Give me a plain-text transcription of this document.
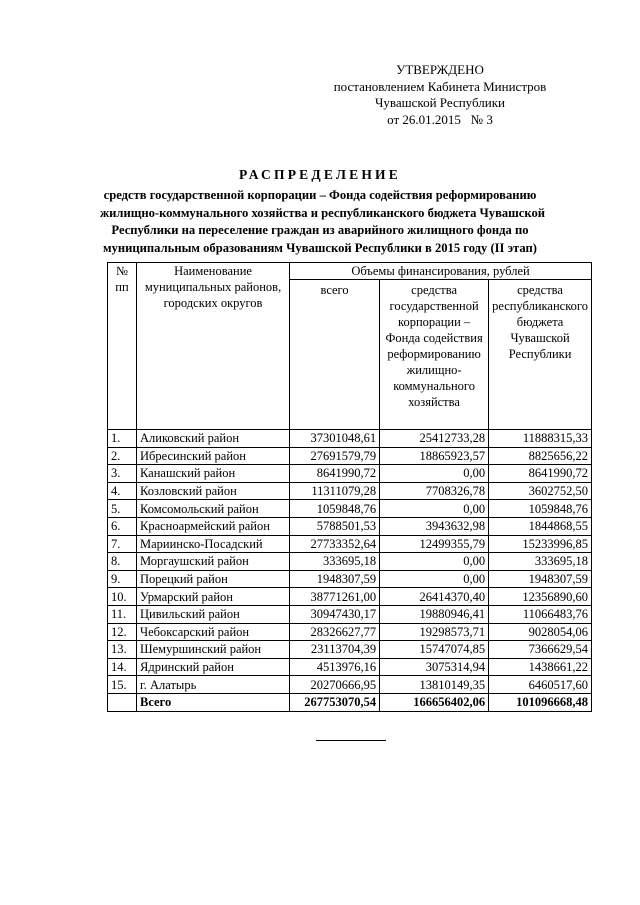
УТВЕРЖДЕНО
постановлением Кабинета Министров
Чувашской Республики
от 26.01.2015   № 3
РАСПРЕДЕЛЕНИЕ
средств государственной корпорации – Фонда содействия реформированию
жилищно-коммунального хозяйства и республиканского бюджета Чувашской
Республики на переселение граждан из аварийного жилищного фонда по
муниципальным образованиям Чувашской Республики в 2015 году (II этап)
№ пп	Наименование муниципальных районов, городских округов	Объемы финансирования, рублей		
		всего	средства государственной корпорации – Фонда содействия реформированию жилищно-коммунального хозяйства	средства республиканского бюджета Чувашской Республики
1.	Аликовский район	37301048,61	25412733,28	11888315,33
2.	Ибресинский район	27691579,79	18865923,57	8825656,22
3.	Канашский район	8641990,72	0,00	8641990,72
4.	Козловский район	11311079,28	7708326,78	3602752,50
5.	Комсомольский район	1059848,76	0,00	1059848,76
6.	Красноармейский район	5788501,53	3943632,98	1844868,55
7.	Мариинско-Посадский	27733352,64	12499355,79	15233996,85
8.	Моргаушский район	333695,18	0,00	333695,18
9.	Порецкий район	1948307,59	0,00	1948307,59
10.	Урмарский район	38771261,00	26414370,40	12356890,60
11.	Цивильский район	30947430,17	19880946,41	11066483,76
12.	Чебоксарский район	28326627,77	19298573,71	9028054,06
13.	Шемуршинский район	23113704,39	15747074,85	7366629,54
14.	Ядринский район	4513976,16	3075314,94	1438661,22
15.	г. Алатырь	20270666,95	13810149,35	6460517,60
	Всего	267753070,54	166656402,06	101096668,48
